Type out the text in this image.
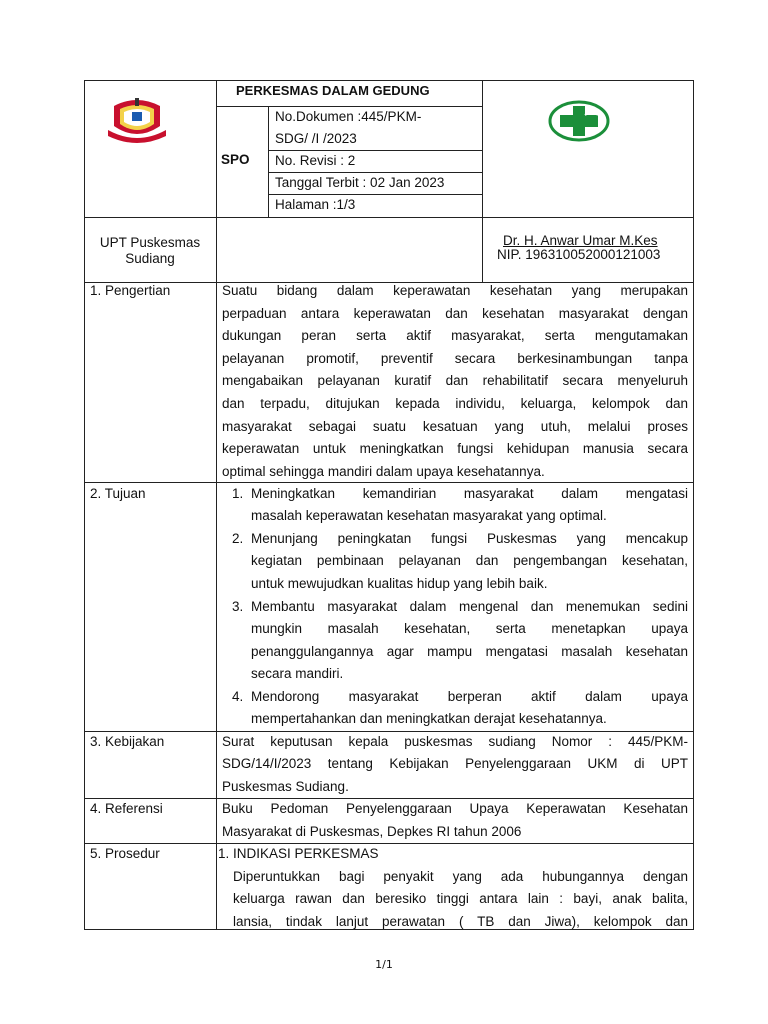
PERKESMAS DALAM GEDUNG
SPO
No.Dokumen :445/PKM-
SDG/ /I /2023
No. Revisi : 2
Tanggal Terbit : 02 Jan 2023
Halaman :1/3
UPT Puskesmas
Sudiang
Dr. H. Anwar Umar M.Kes
NIP. 196310052000121003
1. Pengertian
2. Tujuan
3. Kebijakan
4. Referensi
5. Prosedur
Suatu bidang dalam keperawatan kesehatan yang merupakan
perpaduan antara keperawatan dan kesehatan masyarakat dengan
dukungan peran serta aktif masyarakat, serta mengutamakan
pelayanan promotif, preventif secara berkesinambungan tanpa
mengabaikan pelayanan kuratif dan rehabilitatif secara menyeluruh
dan terpadu, ditujukan kepada individu, keluarga, kelompok dan
masyarakat sebagai suatu kesatuan yang utuh, melalui proses
keperawatan untuk meningkatkan fungsi kehidupan manusia secara
optimal sehingga mandiri dalam upaya kesehatannya.
1. Meningkatkan kemandirian masyarakat dalam mengatasi
masalah keperawatan kesehatan masyarakat yang optimal.
2. Menunjang peningkatan fungsi Puskesmas yang mencakup
kegiatan pembinaan pelayanan dan pengembangan kesehatan,
untuk mewujudkan kualitas hidup yang lebih baik.
3. Membantu masyarakat dalam mengenal dan menemukan sedini
mungkin masalah kesehatan, serta menetapkan upaya
penanggulangannya agar mampu mengatasi masalah kesehatan
secara mandiri.
4. Mendorong masyarakat berperan aktif dalam upaya
mempertahankan dan meningkatkan derajat kesehatannya.
Surat keputusan kepala puskesmas sudiang Nomor : 445/PKM-
SDG/14/I/2023 tentang Kebijakan Penyelenggaraan UKM di UPT
Puskesmas Sudiang.
Buku Pedoman Penyelenggaraan Upaya Keperawatan Kesehatan
Masyarakat di Puskesmas, Depkes RI tahun 2006
1. INDIKASI PERKESMAS
Diperuntukkan bagi penyakit yang ada hubungannya dengan
keluarga rawan dan beresiko tinggi antara lain : bayi, anak balita,
lansia, tindak lanjut perawatan ( TB dan Jiwa), kelompok dan
1/1
